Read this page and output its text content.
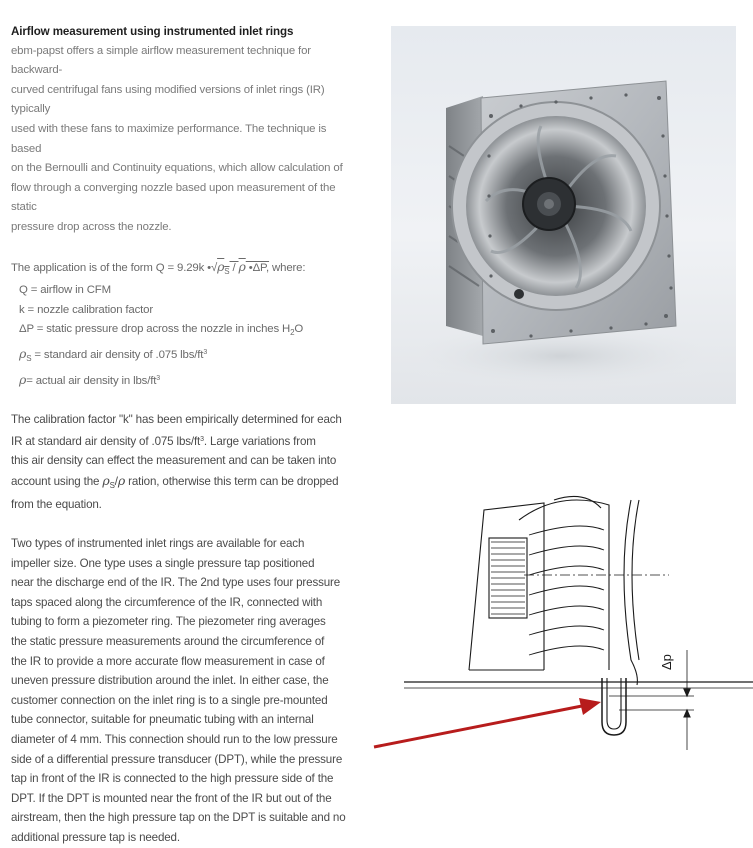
Airflow measurement using instrumented inlet rings
ebm-papst offers a simple airflow measurement technique for backward-
curved centrifugal fans using modified versions of inlet rings (IR) typically
used with these fans to maximize performance. The technique is based
on the Bernoulli and Continuity equations, which allow calculation of
flow through a converging nozzle based upon measurement of the static
pressure drop across the nozzle.
The application is of the form Q = 9.29k $•√\rho_S$ / ρ •ΔP, where:
Q = airflow in CFM
k = nozzle calibration factor
ΔP = static pressure drop across the nozzle in inches $H_2O$
$\rho_S$ = standard air density of .075 lbs/$ft^3$
ρ= actual air density in lbs/$ft^3$
The calibration factor "k" has been empirically determined for each
IR at standard air density of .075 lbs/$ft^3$. Large variations from
this air density can effect the measurement and can be taken into
account using the $\rho_S/\rho$ ration, otherwise this term can be dropped
from the equation.
Two types of instrumented inlet rings are available for each
impeller size. One type uses a single pressure tap positioned
near the discharge end of the IR. The 2nd type uses four pressure
taps spaced along the circumference of the IR, connected with
tubing to form a piezometer ring. The piezometer ring averages
the static pressure measurements around the circumference of
the IR to provide a more accurate flow measurement in case of
uneven pressure distribution around the inlet. In either case, the
customer connection on the inlet ring is to a single pre-mounted
tube connector, suitable for pneumatic tubing with an internal
diameter of 4 mm. This connection should run to the low pressure
side of a differential pressure transducer (DPT), while the pressure
tap in front of the IR is connected to the high pressure side of the
DPT. If the DPT is mounted near the front of the IR but out of the
airstream, then the high pressure tap on the DPT is suitable and no
additional pressure tap is needed.
Δp
